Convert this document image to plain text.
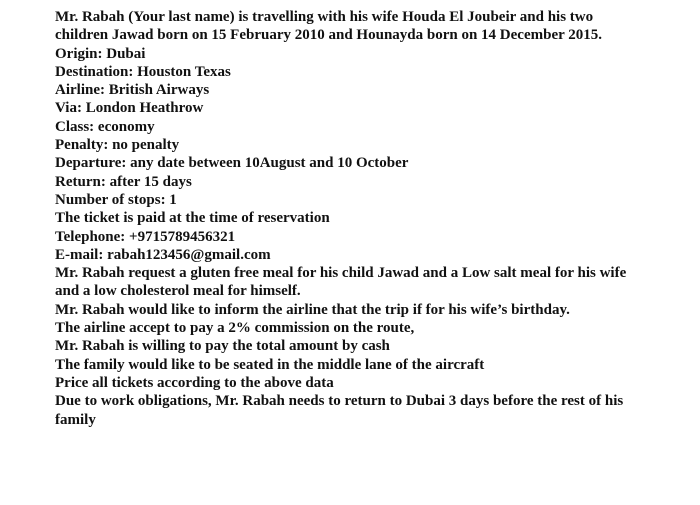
Mr. Rabah (Your last name) is travelling with his wife Houda El Joubeir and his two children Jawad born on 15 February 2010 and Hounayda born on 14 December 2015.

Origin: Dubai

Destination: Houston Texas

Airline: British Airways

Via: London Heathrow

Class: economy

Penalty: no penalty

Departure: any date between 10August and 10 October

Return: after 15 days

Number of stops: 1

The ticket is paid at the time of reservation

Telephone: +9715789456321

E-mail: rabah123456@gmail.com

Mr. Rabah request a gluten free meal for his child Jawad and a Low salt meal for his wife and a low cholesterol meal for himself.

Mr. Rabah would like to inform the airline that the trip if for his wife’s birthday.

The airline accept to pay a 2% commission on the route,

Mr. Rabah is willing to pay the total amount by cash

The family would like to be seated in the middle lane of the aircraft

Price all tickets according to the above data

Due to work obligations, Mr. Rabah needs to return to Dubai 3 days before the rest of his family
